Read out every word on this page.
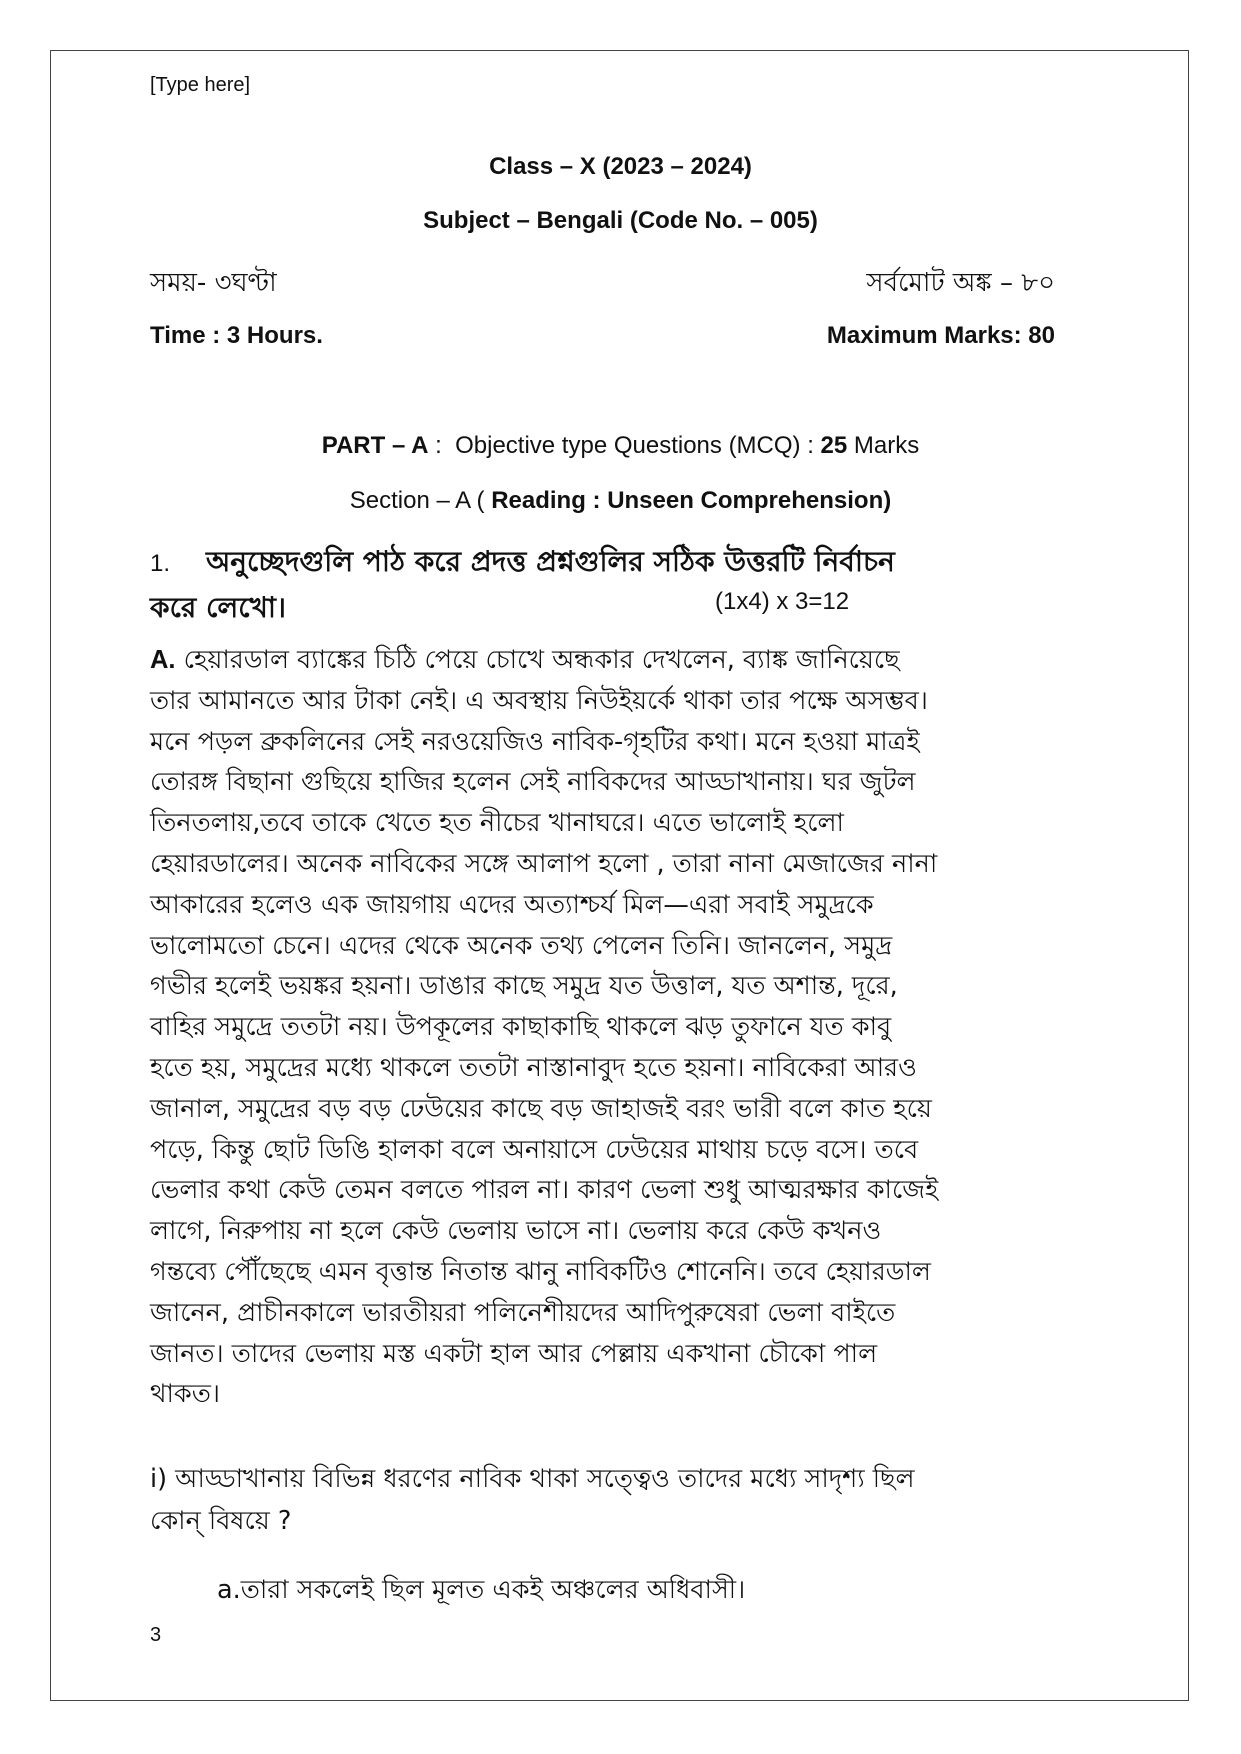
[Type here]
Class – X (2023 – 2024)
Subject – Bengali (Code No. – 005)
সময়- ৩ঘণ্টা	সর্বমোট অঙ্ক – ৮০
Time : 3 Hours.	Maximum Marks: 80
PART – A :  Objective type Questions (MCQ) : 25 Marks
Section – A ( Reading : Unseen Comprehension)
1. অনুচ্ছেদগুলি পাঠ করে প্রদত্ত প্রশ্নগুলির সঠিক উত্তরটি নির্বাচন
করে লেখো।	(1x4) x 3=12
A. হেয়ারডাল ব্যাঙ্কের চিঠি পেয়ে চোখে অন্ধকার দেখলেন, ব্যাঙ্ক জানিয়েছে
তার আমানতে আর টাকা নেই। এ অবস্থায় নিউইয়র্কে থাকা তার পক্ষে অসম্ভব।
মনে পড়ল ব্রুকলিনের সেই নরওয়েজিও নাবিক-গৃহটির কথা। মনে হওয়া মাত্রই
তোরঙ্গ বিছানা গুছিয়ে হাজির হলেন সেই নাবিকদের আড্ডাখানায়। ঘর জুটল
তিনতলায়,তবে তাকে খেতে হত নীচের খানাঘরে। এতে ভালোই হলো
হেয়ারডালের। অনেক নাবিকের সঙ্গে আলাপ হলো , তারা নানা মেজাজের নানা
আকারের হলেও এক জায়গায় এদের অত্যাশ্চর্য মিল—এরা সবাই সমুদ্রকে
ভালোমতো চেনে। এদের থেকে অনেক তথ্য পেলেন তিনি। জানলেন, সমুদ্র
গভীর হলেই ভয়ঙ্কর হয়না। ডাঙার কাছে সমুদ্র যত উত্তাল, যত অশান্ত, দূরে,
বাহির সমুদ্রে ততটা নয়। উপকূলের কাছাকাছি থাকলে ঝড় তুফানে যত কাবু
হতে হয়, সমুদ্রের মধ্যে থাকলে ততটা নাস্তানাবুদ হতে হয়না। নাবিকেরা আরও
জানাল, সমুদ্রের বড় বড় ঢেউয়ের কাছে বড় জাহাজই বরং ভারী বলে কাত হয়ে
পড়ে, কিন্তু ছোট ডিঙি হালকা বলে অনায়াসে ঢেউয়ের মাথায় চড়ে বসে। তবে
ভেলার কথা কেউ তেমন বলতে পারল না। কারণ ভেলা শুধু আত্মরক্ষার কাজেই
লাগে, নিরুপায় না হলে কেউ ভেলায় ভাসে না। ভেলায় করে কেউ কখনও
গন্তব্যে পৌঁছেছে এমন বৃত্তান্ত নিতান্ত ঝানু নাবিকটিও শোনেনি। তবে হেয়ারডাল
জানেন, প্রাচীনকালে ভারতীয়রা পলিনেশীয়দের আদিপুরুষেরা ভেলা বাইতে
জানত। তাদের ভেলায় মস্ত একটা হাল আর পেল্লায় একখানা চৌকো পাল
থাকত।
i) আড্ডাখানায় বিভিন্ন ধরণের নাবিক থাকা সত্ত্বেও তাদের মধ্যে সাদৃশ্য ছিল
কোন্ বিষয়ে ?
a.তারা সকলেই ছিল মূলত একই অঞ্চলের অধিবাসী।
3
